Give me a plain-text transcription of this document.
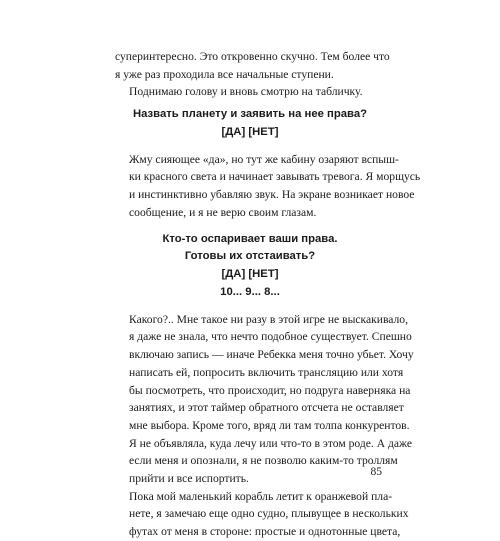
суперинтересно. Это откровенно скучно. Тем более что
я уже раз проходила все начальные ступени.

Поднимаю голову и вновь смотрю на табличку.

Назвать планету и заявить на нее права?

[ДА] [НЕТ]

Жму сияющее «да», но тут же кабину озаряют вспыш-
ки красного света и начинает завывать тревога. Я морщусь
и инстинктивно убавляю звук. На экране возникает новое
сообщение, и я не верю своим глазам.

Кто-то оспаривает ваши права.

Готовы их отстаивать?

[ДА] [НЕТ]

10... 9... 8...

Какого?.. Мне такое ни разу в этой игре не выскакивало,
я даже не знала, что нечто подобное существует. Спешно
включаю запись — иначе Ребекка меня точно убьет. Хочу
написать ей, попросить включить трансляцию или хотя
бы посмотреть, что происходит, но подруга наверняка на
занятиях, и этот таймер обратного отсчета не оставляет
мне выбора. Кроме того, вряд ли там толпа конкурентов.
Я не объявляла, куда лечу или что-то в этом роде. А даже
если меня и опознали, я не позволю каким-то троллям
прийти и все испортить.

Пока мой маленький корабль летит к оранжевой пла-
нете, я замечаю еще одно судно, плывущее в нескольких
футах от меня в стороне: простые и однотонные цвета,

85
